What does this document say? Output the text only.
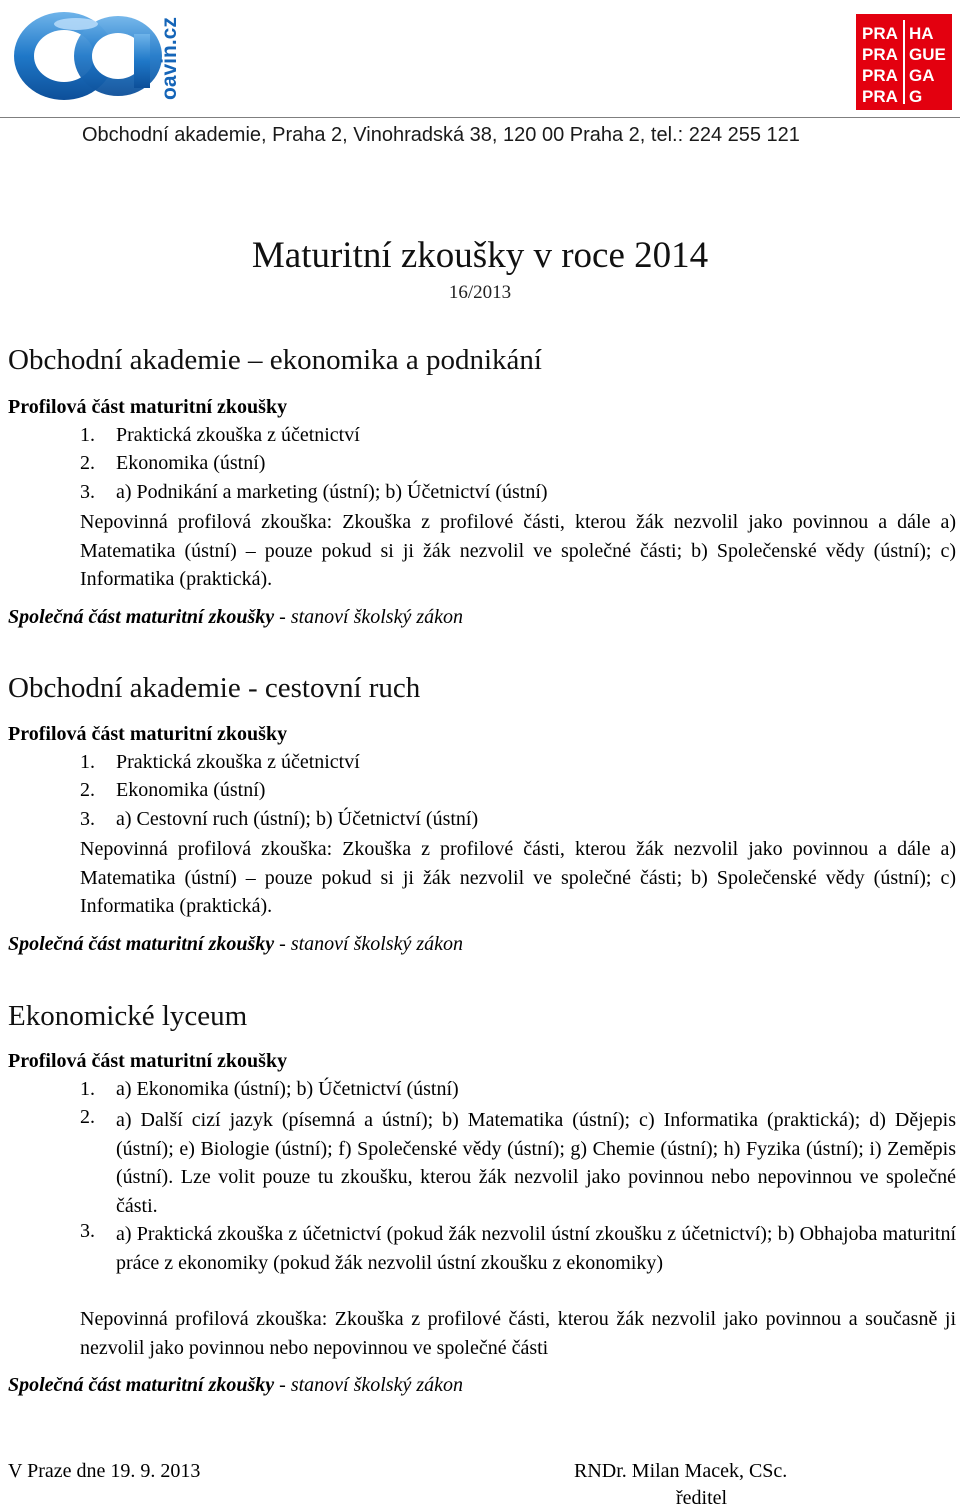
oavin.cz	PRA HA
PRA GUE
PRA GA
PRA G
Obchodní akademie, Praha 2, Vinohradská 38, 120 00 Praha 2, tel.: 224 255 121
Maturitní zkoušky v roce 2014
16/2013
Obchodní akademie – ekonomika a podnikání
Profilová část maturitní zkoušky
1. Praktická zkouška z účetnictví
2. Ekonomika (ústní)
3. a) Podnikání a marketing (ústní); b) Účetnictví (ústní)
Nepovinná profilová zkouška: Zkouška z profilové části, kterou žák nezvolil jako povinnou a dále a) Matematika (ústní) – pouze pokud si ji žák nezvolil ve společné části; b) Společenské vědy (ústní); c) Informatika (praktická).
Společná část maturitní zkoušky - stanoví školský zákon
Obchodní akademie - cestovní ruch
Profilová část maturitní zkoušky
1. Praktická zkouška z účetnictví
2. Ekonomika (ústní)
3. a) Cestovní ruch (ústní); b) Účetnictví (ústní)
Nepovinná profilová zkouška: Zkouška z profilové části, kterou žák nezvolil jako povinnou a dále a) Matematika (ústní) – pouze pokud si ji žák nezvolil ve společné části; b) Společenské vědy (ústní); c) Informatika (praktická).
Společná část maturitní zkoušky - stanoví školský zákon
Ekonomické lyceum
Profilová část maturitní zkoušky
1. a) Ekonomika (ústní); b) Účetnictví (ústní)
2. a) Další cizí jazyk (písemná a ústní); b) Matematika (ústní); c) Informatika (praktická); d) Dějepis (ústní); e) Biologie (ústní); f) Společenské vědy (ústní); g) Chemie (ústní); h) Fyzika (ústní); i) Zeměpis (ústní). Lze volit pouze tu zkoušku, kterou žák nezvolil jako povinnou nebo nepovinnou ve společné části.
3. a) Praktická zkouška z účetnictví (pokud žák nezvolil ústní zkoušku z účetnictví); b) Obhajoba maturitní práce z ekonomiky (pokud žák nezvolil ústní zkoušku z ekonomiky)
Nepovinná profilová zkouška: Zkouška z profilové části, kterou žák nezvolil jako povinnou a současně ji nezvolil jako povinnou nebo nepovinnou ve společné části
Společná část maturitní zkoušky - stanoví školský zákon
V Praze dne 19. 9. 2013	RNDr. Milan Macek, CSc.
ředitel
